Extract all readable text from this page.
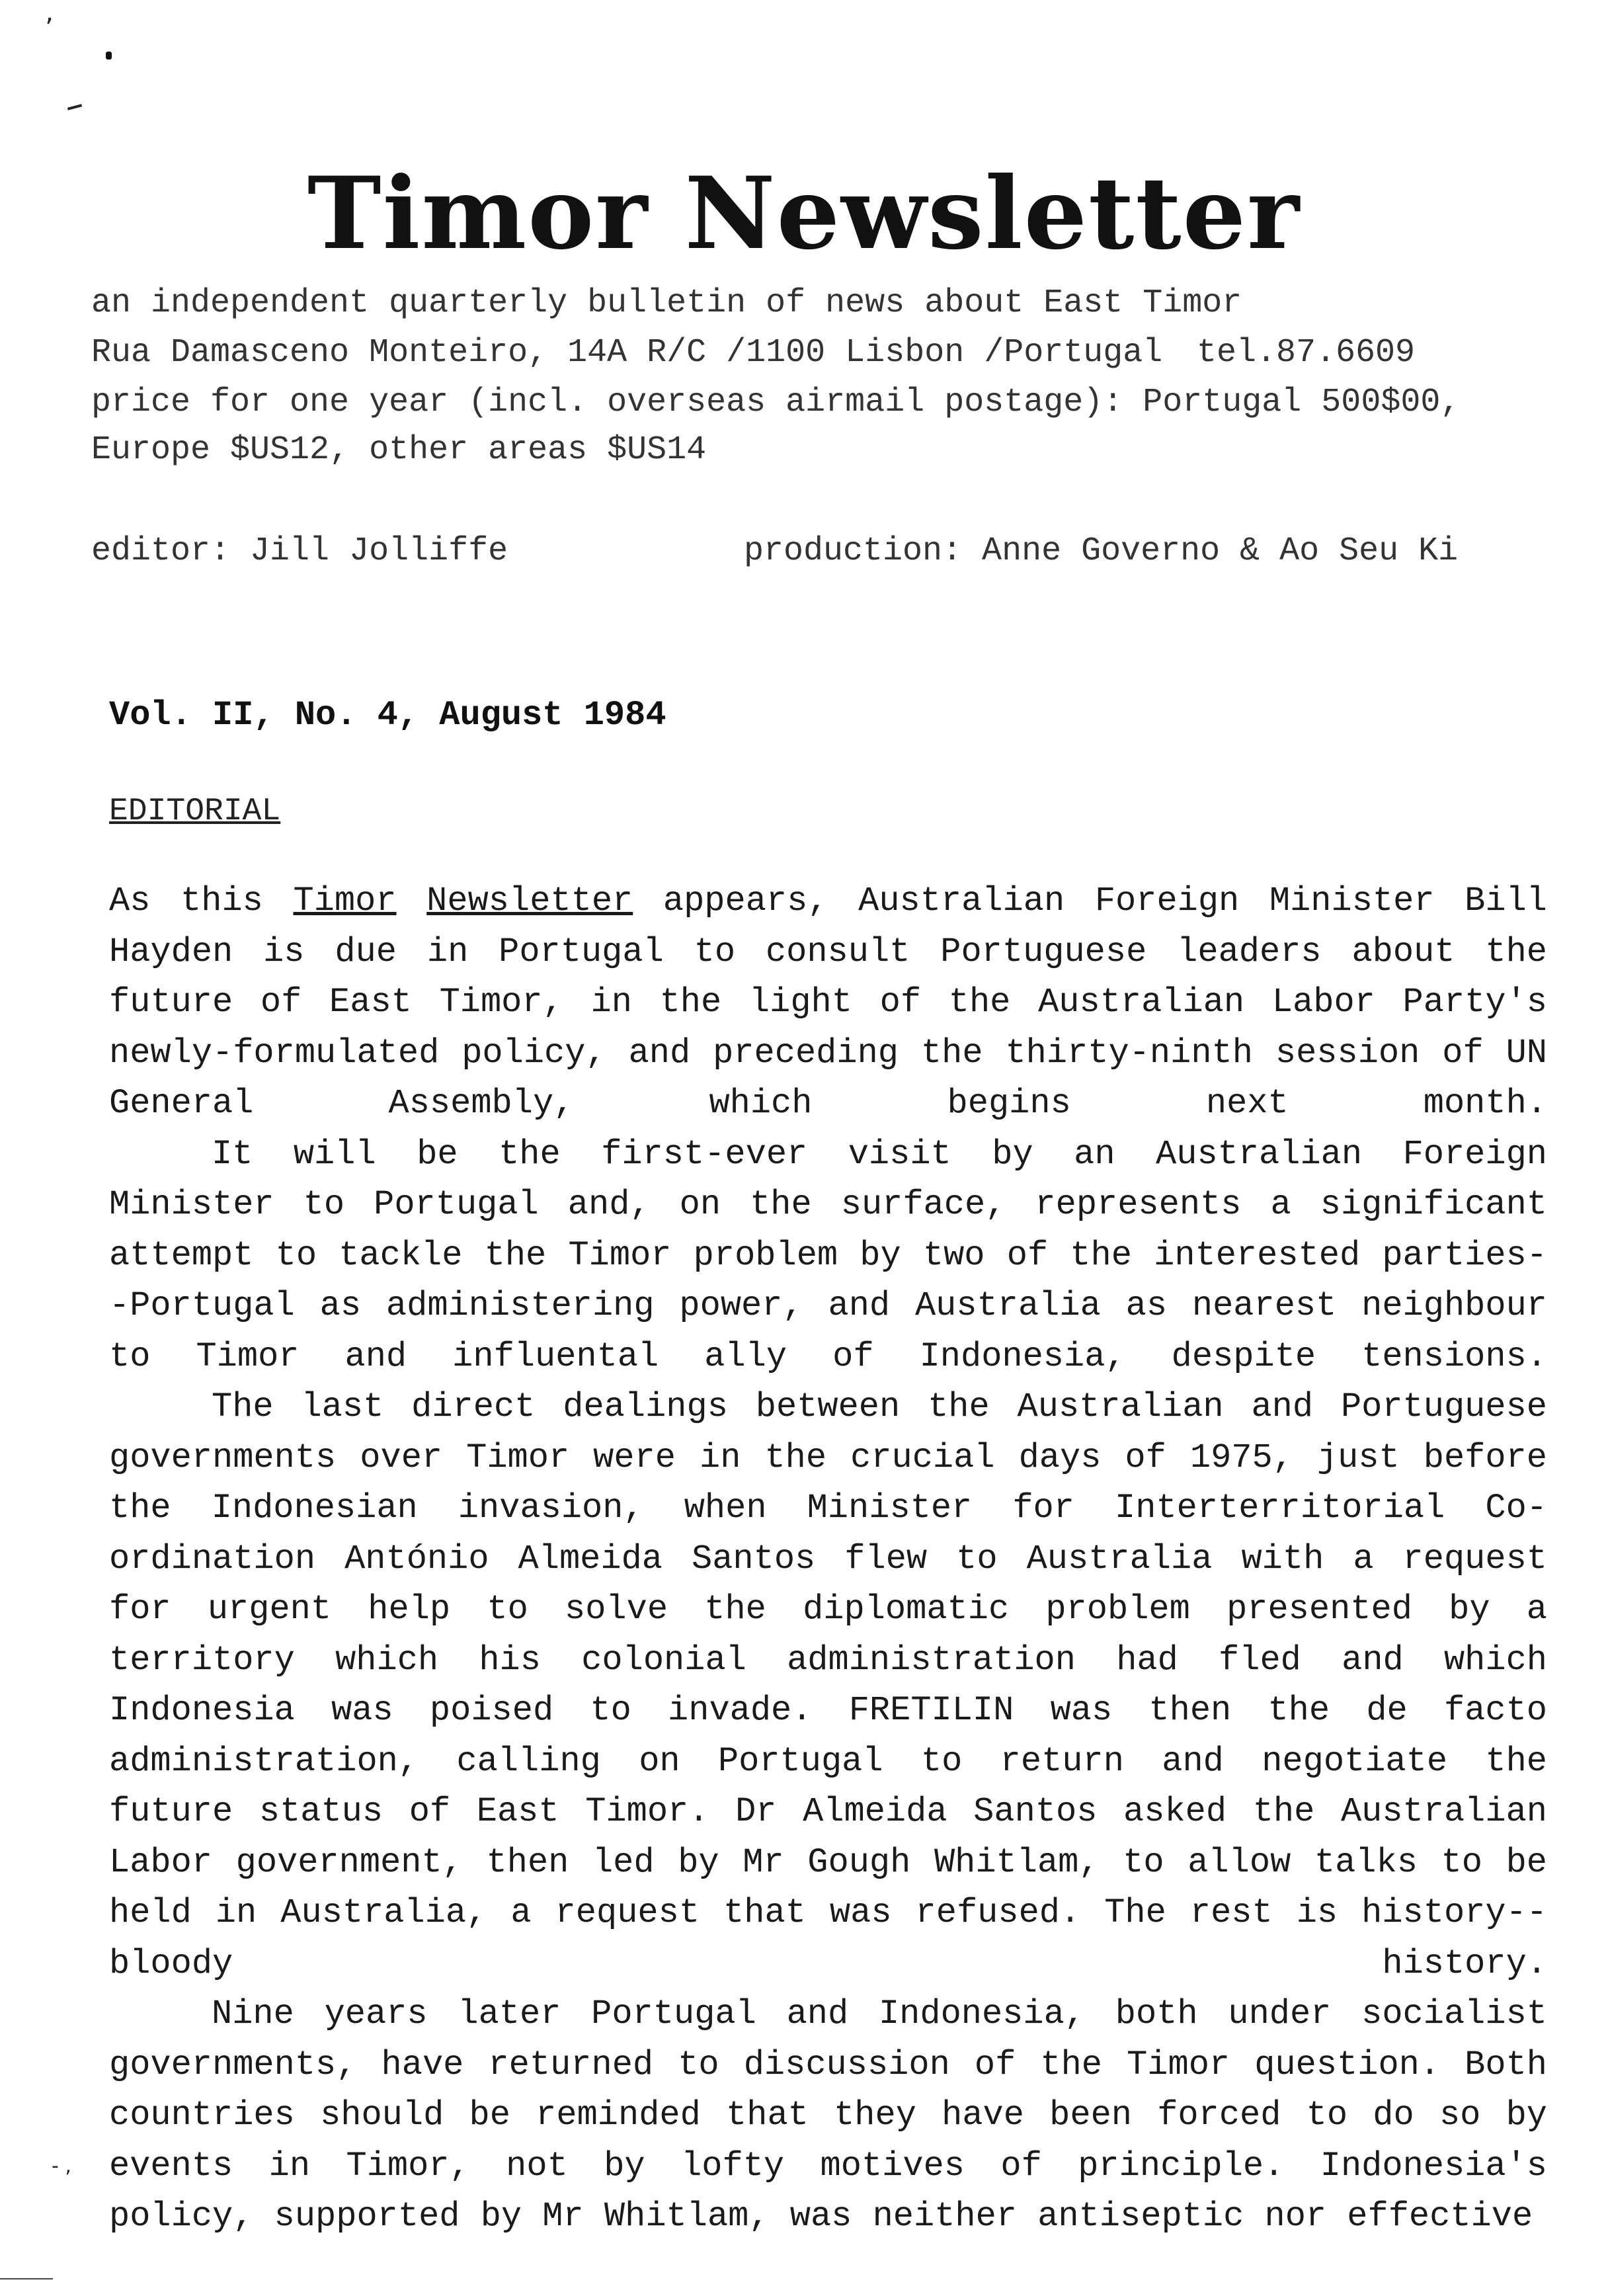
’
Timor Newsletter
an independent quarterly bulletin of news about East Timor
Rua Damasceno Monteiro, 14A R/C /1100 Lisbon /Portugal tel.87.6609
price for one year (incl. overseas airmail postage): Portugal 500$00,
Europe $US12, other areas $US14
editor: Jill Jolliffe	production: Anne Governo & Ao Seu Ki
Vol. II, No. 4, August 1984
EDITORIAL

As this Timor Newsletter appears, Australian Foreign Minister Bill Hayden is due in Portugal to consult Portuguese leaders about the future of East Timor, in the light of the Australian Labor Party's newly-formulated policy, and preceding the thirty-ninth session of UN General Assembly, which begins next month.

It will be the first-ever visit by an Australian Foreign Minister to Portugal and, on the surface, represents a significant attempt to tackle the Timor problem by two of the interested parties--Portugal as administering power, and Australia as nearest neighbour to Timor and influental ally of Indonesia, despite tensions.

The last direct dealings between the Australian and Portuguese governments over Timor were in the crucial days of 1975, just before the Indonesian invasion, when Minister for Interterritorial Co-ordination António Almeida Santos flew to Australia with a request for urgent help to solve the diplomatic problem presented by a territory which his colonial administration had fled and which Indonesia was poised to invade. FRETILIN was then the de facto administration, calling on Portugal to return and negotiate the future status of East Timor. Dr Almeida Santos asked the Australian Labor government, then led by Mr Gough Whitlam, to allow talks to be held in Australia, a request that was refused. The rest is history--bloody history.

Nine years later Portugal and Indonesia, both under socialist governments, have returned to discussion of the Timor question. Both countries should be reminded that they have been forced to do so by events in Timor, not by lofty motives of principle. Indonesia's policy, supported by Mr Whitlam, was neither antiseptic nor effective

- ,
